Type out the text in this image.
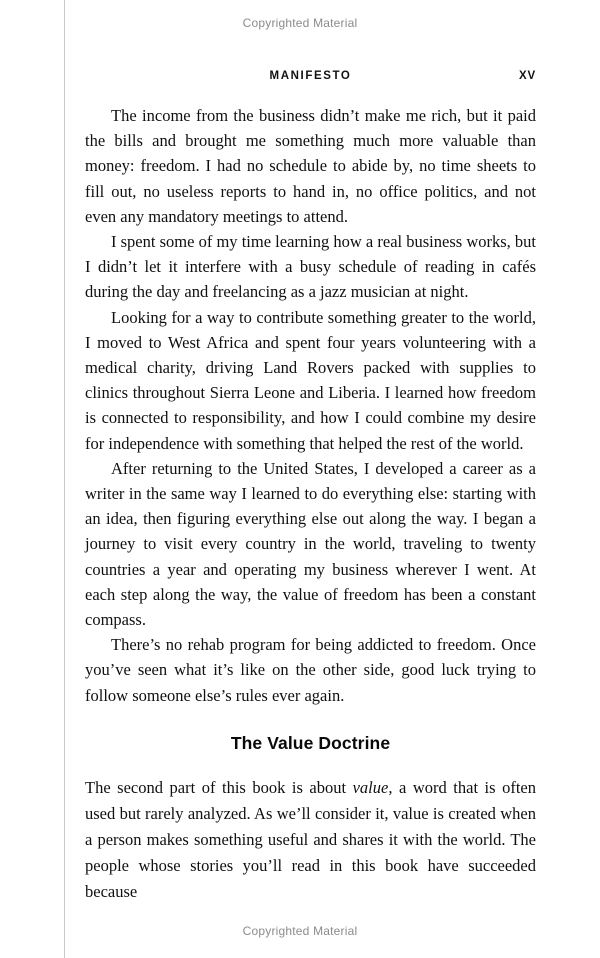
Copyrighted Material
MANIFESTO	XV

The income from the business didn’t make me rich, but it paid the bills and brought me something much more valuable than money: freedom. I had no schedule to abide by, no time sheets to fill out, no useless reports to hand in, no office politics, and not even any mandatory meetings to attend.

I spent some of my time learning how a real business works, but I didn’t let it interfere with a busy schedule of reading in cafés during the day and freelancing as a jazz musician at night.

Looking for a way to contribute something greater to the world, I moved to West Africa and spent four years volunteering with a medical charity, driving Land Rovers packed with supplies to clinics throughout Sierra Leone and Liberia. I learned how freedom is connected to responsibility, and how I could combine my desire for independence with something that helped the rest of the world.

After returning to the United States, I developed a career as a writer in the same way I learned to do everything else: starting with an idea, then figuring everything else out along the way. I began a journey to visit every country in the world, traveling to twenty countries a year and operating my business wherever I went. At each step along the way, the value of freedom has been a constant compass.

There’s no rehab program for being addicted to freedom. Once you’ve seen what it’s like on the other side, good luck trying to follow someone else’s rules ever again.

The Value Doctrine

The second part of this book is about value, a word that is often used but rarely analyzed. As we’ll consider it, value is created when a person makes something useful and shares it with the world. The people whose stories you’ll read in this book have succeeded because

Copyrighted Material
